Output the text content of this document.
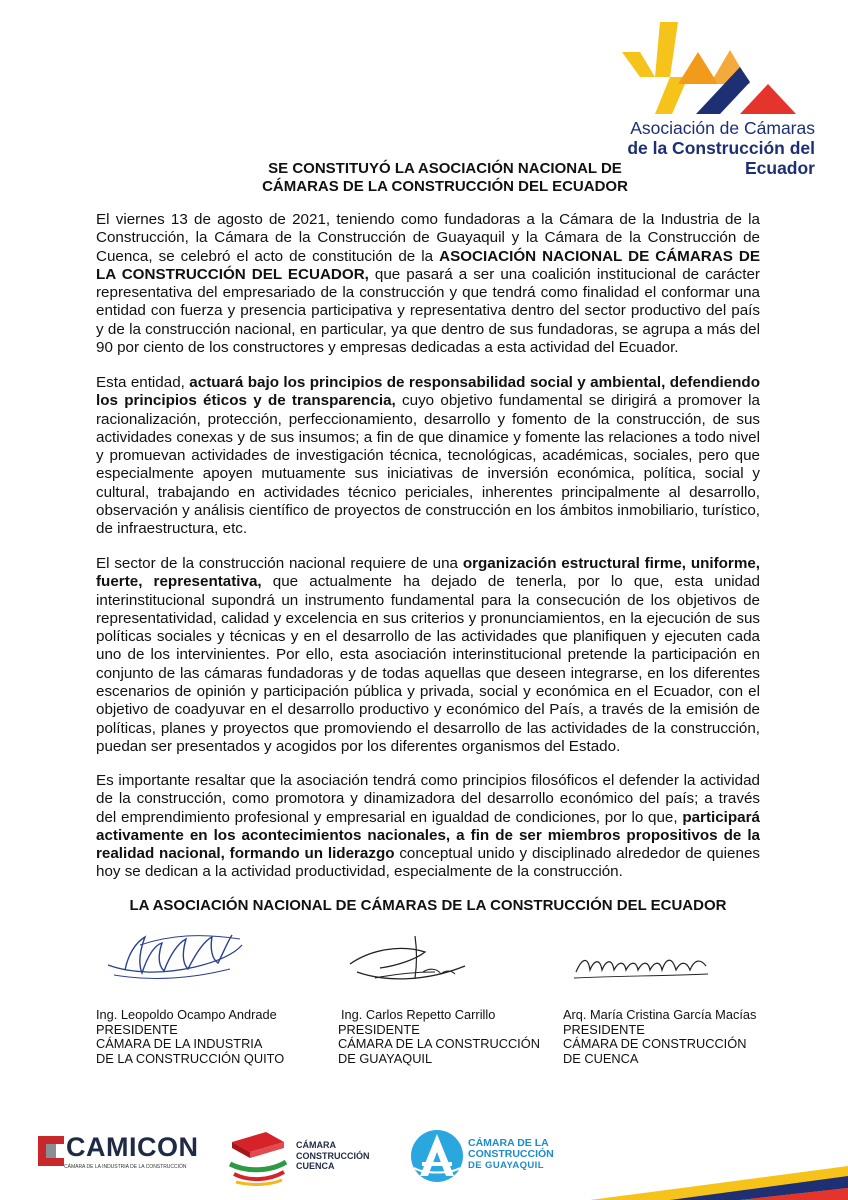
Asociación de Cámaras
de la Construcción del Ecuador
SE CONSTITUYÓ LA ASOCIACIÓN NACIONAL DE
CÁMARAS DE LA CONSTRUCCIÓN DEL ECUADOR
El viernes 13 de agosto de 2021, teniendo como fundadoras a la Cámara de la Industria de la Construcción, la Cámara de la Construcción de Guayaquil y la Cámara de la Construcción de Cuenca, se celebró el acto de constitución de la ASOCIACIÓN NACIONAL DE CÁMARAS DE LA CONSTRUCCIÓN DEL ECUADOR, que pasará a ser una coalición institucional de carácter representativa del empresariado de la construcción y que tendrá como finalidad el conformar una entidad con fuerza y presencia participativa y representativa dentro del sector productivo del país y de la construcción nacional, en particular, ya que dentro de sus fundadoras, se agrupa a más del 90 por ciento de los constructores y empresas dedicadas a esta actividad del Ecuador.
Esta entidad, actuará bajo los principios de responsabilidad social y ambiental, defendiendo los principios éticos y de transparencia, cuyo objetivo fundamental se dirigirá a promover la racionalización, protección, perfeccionamiento, desarrollo y fomento de la construcción, de sus actividades conexas y de sus insumos; a fin de que dinamice y fomente las relaciones a todo nivel y promuevan actividades de investigación técnica, tecnológicas, académicas, sociales, pero que especialmente apoyen mutuamente sus iniciativas de inversión económica, política, social y cultural, trabajando en actividades técnico periciales, inherentes principalmente al desarrollo, observación y análisis científico de proyectos de construcción en los ámbitos inmobiliario, turístico, de infraestructura, etc.
El sector de la construcción nacional requiere de una organización estructural firme, uniforme, fuerte, representativa, que actualmente ha dejado de tenerla, por lo que, esta unidad interinstitucional supondrá un instrumento fundamental para la consecución de los objetivos de representatividad, calidad y excelencia en sus criterios y pronunciamientos, en la ejecución de sus políticas sociales y técnicas y en el desarrollo de las actividades que planifiquen y ejecuten cada uno de los intervinientes. Por ello, esta asociación interinstitucional pretende la participación en conjunto de las cámaras fundadoras y de todas aquellas que deseen integrarse, en los diferentes escenarios de opinión y participación pública y privada, social y económica en el Ecuador, con el objetivo de coadyuvar en el desarrollo productivo y económico del País, a través de la emisión de políticas, planes y proyectos que promoviendo el desarrollo de las actividades de la construcción, puedan ser presentados y acogidos por los diferentes organismos del Estado.
Es importante resaltar que la asociación tendrá como principios filosóficos el defender la actividad de la construcción, como promotora y dinamizadora del desarrollo económico del país; a través del emprendimiento profesional y empresarial en igualdad de condiciones, por lo que, participará activamente en los acontecimientos nacionales, a fin de ser miembros propositivos de la realidad nacional, formando un liderazgo conceptual unido y disciplinado alrededor de quienes hoy se dedican a la actividad productividad, especialmente de la construcción.
LA ASOCIACIÓN NACIONAL DE CÁMARAS DE LA CONSTRUCCIÓN DEL ECUADOR
Ing. Leopoldo Ocampo Andrade
PRESIDENTE
CÁMARA DE LA INDUSTRIA
DE LA CONSTRUCCIÓN QUITO
Ing. Carlos Repetto Carrillo
PRESIDENTE
CÁMARA DE LA CONSTRUCCIÓN
DE GUAYAQUIL
Arq. María Cristina García Macías
PRESIDENTE
CÁMARA DE CONSTRUCCIÓN
DE CUENCA
CAMICON
CÁMARA DE LA INDUSTRIA DE LA CONSTRUCCIÓN
CÁMARA
CONSTRUCCIÓN
CUENCA
CÁMARA DE LA
CONSTRUCCIÓN
DE GUAYAQUIL
